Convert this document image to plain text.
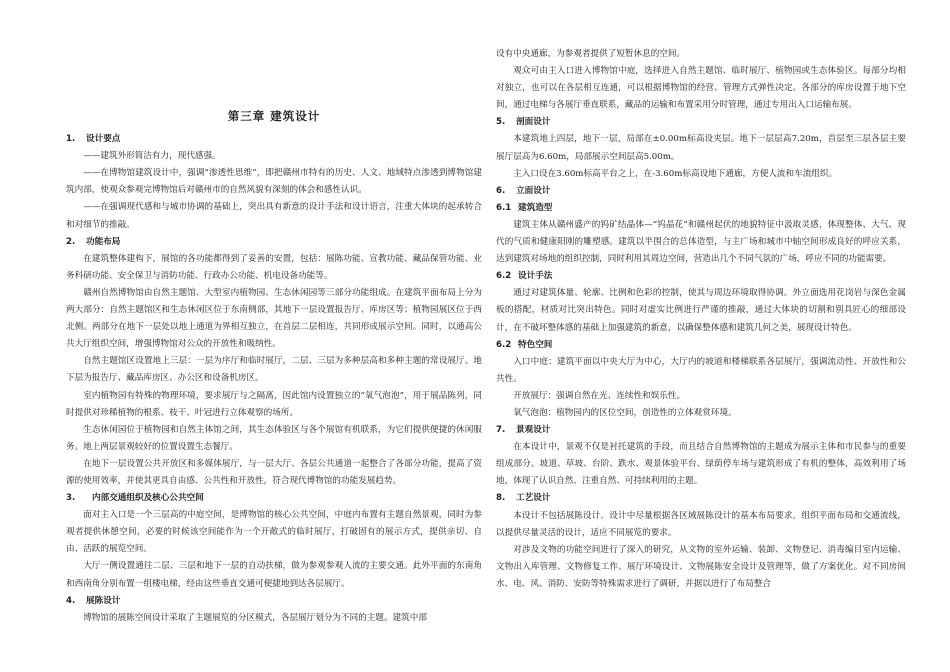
第三章 建筑设计
1. 设计要点

——建筑外形简洁有力，现代感强。

——在博物馆建筑设计中，强调“渗透性思维”，即把赣州市特有的历史、人文、地域特点渗透到博物馆建筑内部，使观众参观完博物馆后对赣州市的自然风貌有深刻的体会和感性认识。

——在强调现代感和与城市协调的基础上，突出具有新意的设计手法和设计语言，注重大体块的起承转合和对细节的推敲。

2. 功能布局

在建筑整体建构下，展馆的各功能都得到了妥善的安置，包括：展陈功能、宣教功能、藏品保管功能、业务科研功能、安全保卫与消防功能、行政办公功能、机电设备功能等。

赣州自然博物馆由自然主题馆、大型室内植物园、生态休闲园等三部分功能组成。在建筑平面布局上分为两大部分：自然主题馆区和生态休闲区位于东南侧部，其地下一层设置报告厅、库房区等；植物园展区位于西北侧。两部分在地下一层处以地上通道为界相互独立，在首层二层相连，共同形成展示空间。同时，以通高公共大厅组织空间，增强博物馆对公众的开放性和吸纳性。

自然主题馆区设置地上三层：一层为序厅和临时展厅，二层、三层为多种层高和多种主题的常设展厅。地下层为报告厅、藏品库房区、办公区和设备机房区。

室内植物园有特殊的物理环境，要求展厅与之隔离，因此馆内设置独立的“氧气泡泡”，用于展品陈列，同时提供对珍稀植物的根系、枝干、叶冠进行立体观察的场所。

生态休闲园位于植物园和自然主体馆之间，其生态体验区与各个展馆有机联系，为它们提供便捷的休闲服务。地上两层景观较好的位置设置生态餐厅。

在地下一层设置公共开放区和多媒体展厅，与一层大厅、各层公共通道一起整合了各部分功能，提高了资源的使用效率，并使其更具自由感、公共性和开放性，符合现代博物馆的功能发展趋势。

3. 内部交通组织及核心公共空间

面对主入口是一个三层高的中庭空间，是博物馆的核心公共空间，中庭内布置有主题自然景观，同时为参观者提供休憩空间，必要的时候该空间能作为一个开敞式的临时展厅，打破固有的展示方式，提供亲切、自由、活跃的展览空间。

大厅一侧设置通往二层、三层和地下一层的自动扶梯，做为参观参观人流的主要交通。此外平面的东南角和西南角分别布置一组楼电梯，经由这些垂直交通可便捷地到达各层展厅。

4. 展陈设计

博物馆的展陈空间设计采取了主题展览的分区模式，各层展厅划分为不同的主题。建筑中部

设有中央通廊，为参观者提供了短暂休息的空间。

观众可由主入口进入博物馆中庭，选择进入自然主题馆、临时展厅、植物园或生态体验区。每部分均相对独立，也可以在各层相互连通，可以根据博物馆的经营、管理方式弹性决定。各部分的库房设置于地下空间，通过电梯与各展厅垂直联系，藏品的运输和布置采用分时管理，通过专用出入口运输布展。

5. 剖面设计

本建筑地上四层，地下一层，局部在±0.00m标高设夹层。地下一层层高7.20m，首层至三层各层主要展厅层高为6.60m，局部展示空间层高5.00m。

主入口设在3.60m标高平台之上，在-3.60m标高设地下通廊，方便人流和车流组织。

6. 立面设计
6.1 建筑造型

建筑主体从赣州盛产的钨矿结晶体—“钨晶花”和赣州起伏的地貌特征中汲取灵感，体现整体、大气、现代的气质和健康阳刚的雕塑感。建筑以半围合的总体造型，与主广场和城市中轴空间形成良好的呼应关系，达到建筑对场地的组织控制，同时利用其周边空间，营造出几个不同气氛的广场，呼应不同的功能需要。

6.2 设计手法

通过对建筑体量、轮廓、比例和色彩的控制，使其与周边环境取得协调。外立面选用花岗岩与深色金属板的搭配，材质对比突出特色。同时对虚实比例进行严谨的推敲，通过大体块的切割和别具匠心的细部设计，在不破坏整体感的基础上加强建筑的新意，以确保整体感和建筑几何之美，展现设计特色。

6.2 特色空间

入口中庭：建筑平面以中央大厅为中心，大厅内的坡道和楼梯联系各层展厅，强调流动性、开放性和公共性。

开放展厅：强调自然在光、连续性和娱乐性。

氧气泡泡：植物园内的区位空间，创造性的立体观赏环境。

7. 景观设计

在本设计中，景观不仅是衬托建筑的手段，而且结合自然博物馆的主题成为展示主体和市民参与的重要组成部分。坡道、草坡、台阶、跌水、观景体验平台、绿荫停车场与建筑形成了有机的整体，高效利用了场地，体现了认识自然、注重自然、可持续利用的主题。

8. 工艺设计

本设计不包括展陈设计。设计中尽量根据各区域展陈设计的基本布局要求，组织平面布局和交通流线，以提供尽量灵活的设计，适应不同展览的要求。

对涉及文物的功能空间进行了深入的研究，从文物的室外运输、装卸、文物登记、消毒编目室内运输、文物出入库管理、文物修复工作、展厅环境设计、文物展陈安全设计及管理等，做了方案优化。对不同房间水、电、风、消防、安防等特殊需求进行了调研，并据以进行了布局整合
